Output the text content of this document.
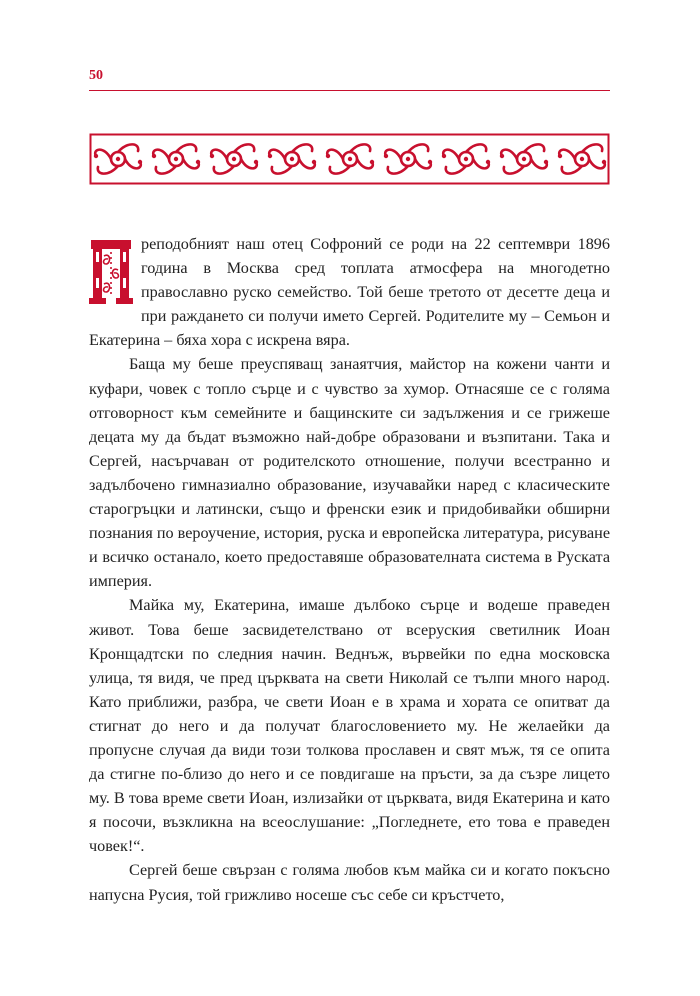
50

реподобният наш отец Софроний се роди на 22 септември 1896 година в Москва сред топлата атмосфера на многодетно православно руско семейство. Той беше третото от десетте деца и при раждането си получи името Сергей. Родителите му – Семьон и Екатерина – бяха хора с искрена вяра.

Баща му беше преуспяващ занаятчия, майстор на кожени чанти и куфари, човек с топло сърце и с чувство за хумор. Отнасяше се с голяма отговорност към семейните и бащинските си задължения и се грижеше децата му да бъдат възможно най-добре образовани и възпитани. Така и Сергей, насърчаван от родителското отношение, получи всестранно и задълбочено гимназиално образование, изучавайки наред с класическите старогръцки и латински, също и френски език и придобивайки обширни познания по вероучение, история, руска и европейска литература, рисуване и всичко останало, което предоставяше образователната система в Руската империя.

Майка му, Екатерина, имаше дълбоко сърце и водеше праведен живот. Това беше засвидетелствано от всеруския светилник Иоан Кронщадтски по следния начин. Веднъж, вървейки по една московска улица, тя видя, че пред църквата на свети Николай се тълпи много народ. Като приближи, разбра, че свети Иоан е в храма и хората се опитват да стигнат до него и да получат благословението му. Не желаейки да пропусне случая да види този толкова прославен и свят мъж, тя се опита да стигне по-близо до него и се повдигаше на пръсти, за да съзре лицето му. В това време свети Иоан, излизайки от църквата, видя Екатерина и като я посочи, възкликна на всеослушание: „Погледнете, ето това е праведен човек!“.

Сергей беше свързан с голяма любов към майка си и когато покъсно напусна Русия, той грижливо носеше със себе си кръстчето,
